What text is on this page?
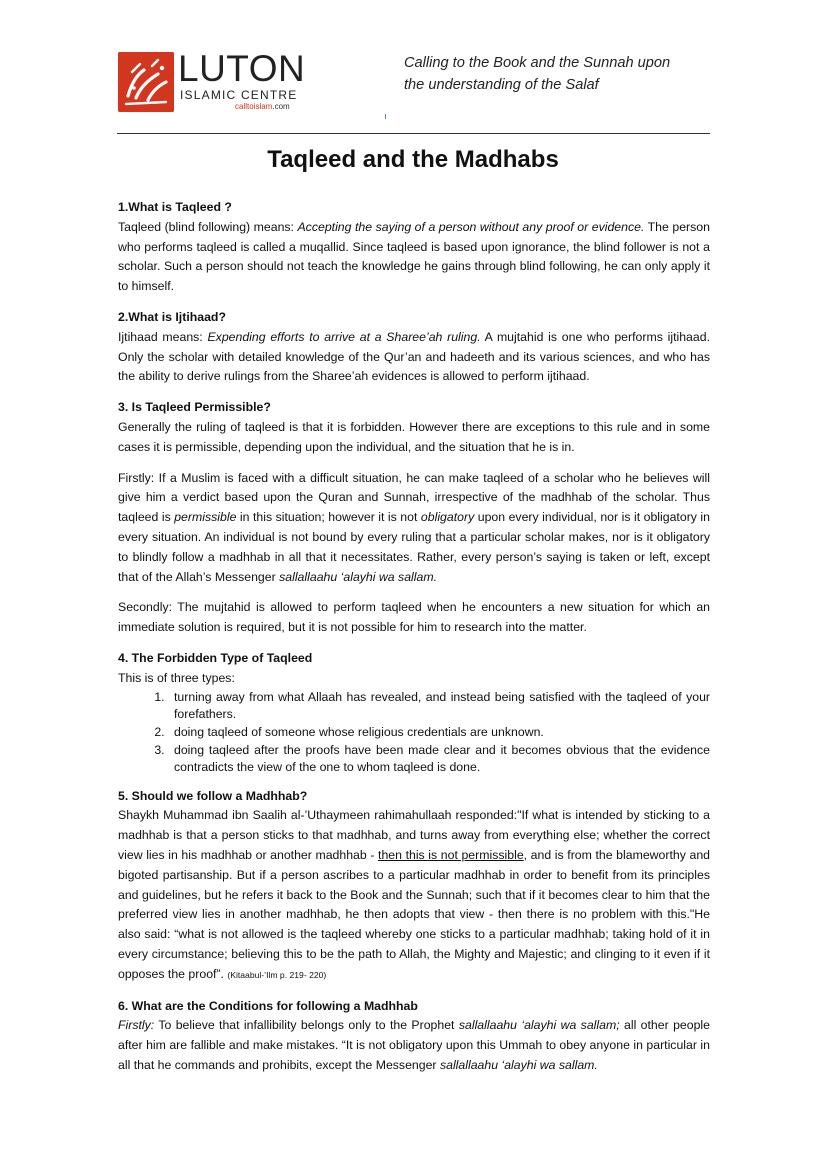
LUTON
ISLAMIC CENTRE
calltoislam.com
Calling to the Book and the Sunnah upon
the understanding of the Salaf
Taqleed and the Madhabs

1.What is Taqleed ?

Taqleed (blind following) means: Accepting the saying of a person without any proof or evidence. The person who performs taqleed is called a muqallid. Since taqleed is based upon ignorance, the blind follower is not a scholar. Such a person should not teach the knowledge he gains through blind following, he can only apply it to himself.

2.What is Ijtihaad?

Ijtihaad means: Expending efforts to arrive at a Sharee’ah ruling. A mujtahid is one who performs ijtihaad. Only the scholar with detailed knowledge of the Qur’an and hadeeth and its various sciences, and who has the ability to derive rulings from the Sharee’ah evidences is allowed to perform ijtihaad.

3. Is Taqleed Permissible?

Generally the ruling of taqleed is that it is forbidden. However there are exceptions to this rule and in some cases it is permissible, depending upon the individual, and the situation that he is in.

Firstly: If a Muslim is faced with a difficult situation, he can make taqleed of a scholar who he believes will give him a verdict based upon the Quran and Sunnah, irrespective of the madhhab of the scholar. Thus taqleed is permissible in this situation; however it is not obligatory upon every individual, nor is it obligatory in every situation. An individual is not bound by every ruling that a particular scholar makes, nor is it obligatory to blindly follow a madhhab in all that it necessitates. Rather, every person’s saying is taken or left, except that of the Allah’s Messenger sallallaahu ‘alayhi wa sallam.

Secondly: The mujtahid is allowed to perform taqleed when he encounters a new situation for which an immediate solution is required, but it is not possible for him to research into the matter.

4. The Forbidden Type of Taqleed

This is of three types:

1. turning away from what Allaah has revealed, and instead being satisfied with the taqleed of your forefathers.
2. doing taqleed of someone whose religious credentials are unknown.
3. doing taqleed after the proofs have been made clear and it becomes obvious that the evidence contradicts the view of the one to whom taqleed is done.

5. Should we follow a Madhhab?

Shaykh Muhammad ibn Saalih al-’Uthaymeen rahimahullaah responded:"If what is intended by sticking to a madhhab is that a person sticks to that madhhab, and turns away from everything else; whether the correct view lies in his madhhab or another madhhab - then this is not permissible, and is from the blameworthy and bigoted partisanship. But if a person ascribes to a particular madhhab in order to benefit from its principles and guidelines, but he refers it back to the Book and the Sunnah; such that if it becomes clear to him that the preferred view lies in another madhhab, he then adopts that view - then there is no problem with this."He also said: “what is not allowed is the taqleed whereby one sticks to a particular madhhab; taking hold of it in every circumstance; believing this to be the path to Allah, the Mighty and Majestic; and clinging to it even if it opposes the proof”. (Kitaabul-’Ilm p. 219- 220)

6. What are the Conditions for following a Madhhab

Firstly: To believe that infallibility belongs only to the Prophet sallallaahu ‘alayhi wa sallam; all other people after him are fallible and make mistakes. “It is not obligatory upon this Ummah to obey anyone in particular in all that he commands and prohibits, except the Messenger sallallaahu ‘alayhi wa sallam.
